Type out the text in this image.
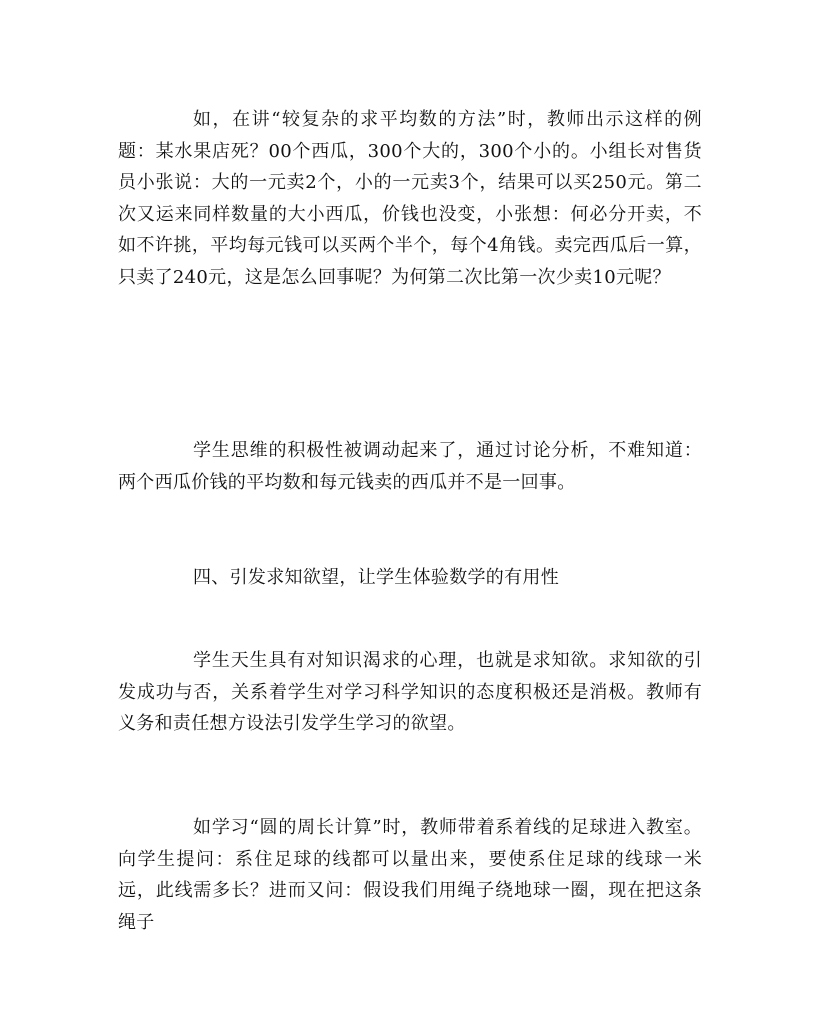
如，在讲“较复杂的求平均数的方法”时，教师出示这样的例题：某水果店死？00个西瓜，300个大的，300个小的。小组长对售货员小张说：大的一元卖2个，小的一元卖3个，结果可以买250元。第二次又运来同样数量的大小西瓜，价钱也没变，小张想：何必分开卖，不如不许挑，平均每元钱可以买两个半个，每个4角钱。卖完西瓜后一算，只卖了240元，这是怎么回事呢？为何第二次比第一次少卖10元呢？

学生思维的积极性被调动起来了，通过讨论分析，不难知道：两个西瓜价钱的平均数和每元钱卖的西瓜并不是一回事。

四、引发求知欲望，让学生体验数学的有用性

学生天生具有对知识渴求的心理，也就是求知欲。求知欲的引发成功与否，关系着学生对学习科学知识的态度积极还是消极。教师有义务和责任想方设法引发学生学习的欲望。

如学习“圆的周长计算”时，教师带着系着线的足球进入教室。向学生提问：系住足球的线都可以量出来，要使系住足球的线球一米远，此线需多长？进而又问：假设我们用绳子绕地球一圈，现在把这条绳子
